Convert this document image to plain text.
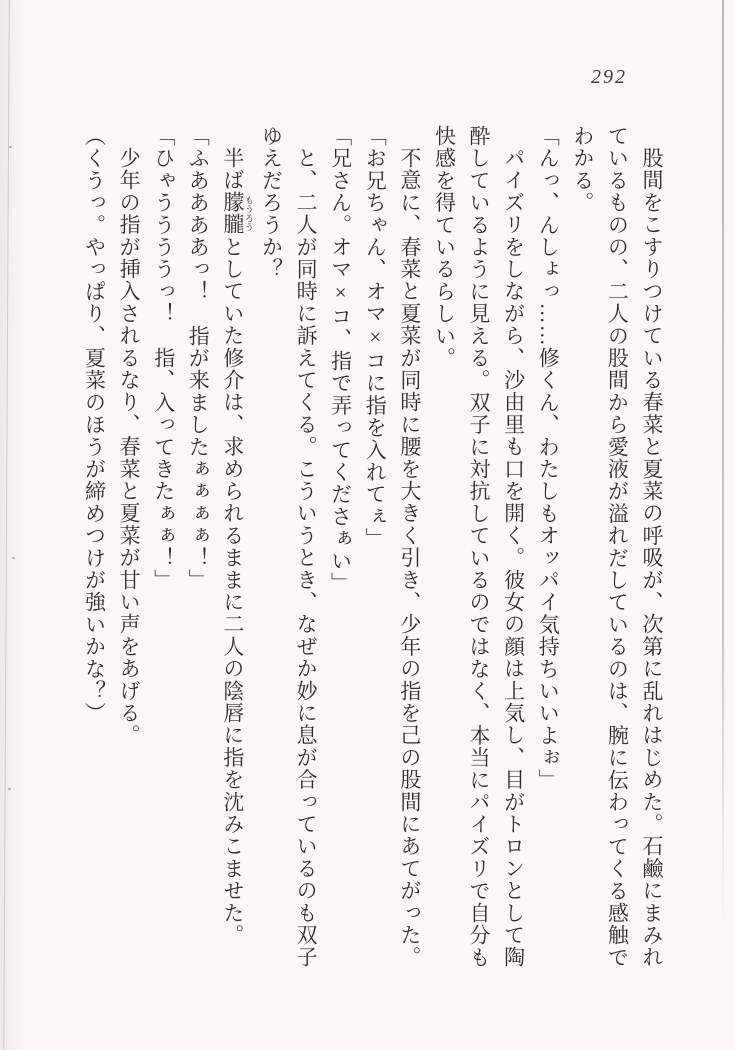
292

股間をこすりつけている春菜と夏菜の呼吸が、次第に乱れはじめた。石鹼にまみれ

ているものの、二人の股間から愛液が溢れだしているのは、腕に伝わってくる感触で

わかる。

「んっ、んしょっ……修くん、わたしもオッパイ気持ちいいよぉ」

パイズリをしながら、沙由里も口を開く。彼女の顔は上気し、目がトロンとして陶

酔しているように見える。双子に対抗しているのではなく、本当にパイズリで自分も

快感を得ているらしい。

不意に、春菜と夏菜が同時に腰を大きく引き、少年の指を己の股間にあてがった。

「お兄ちゃん、オマ×コに指を入れてぇ」

「兄さん。オマ×コ、指で弄ってくださぁい」

と、二人が同時に訴えてくる。こういうとき、なぜか妙に息が合っているのも双子

ゆえだろうか？

半ば朦朧 もうろうとしていた修介は、求められるままに二人の陰唇に指を沈みこませた。

「ふああああっ！　指が来ましたぁぁぁぁ！」

「ひゃううううっ！　指、入ってきたぁぁ！」

少年の指が挿入されるなり、春菜と夏菜が甘い声をあげる。

（くうっ。やっぱり、夏菜のほうが締めつけが強いかな？）
